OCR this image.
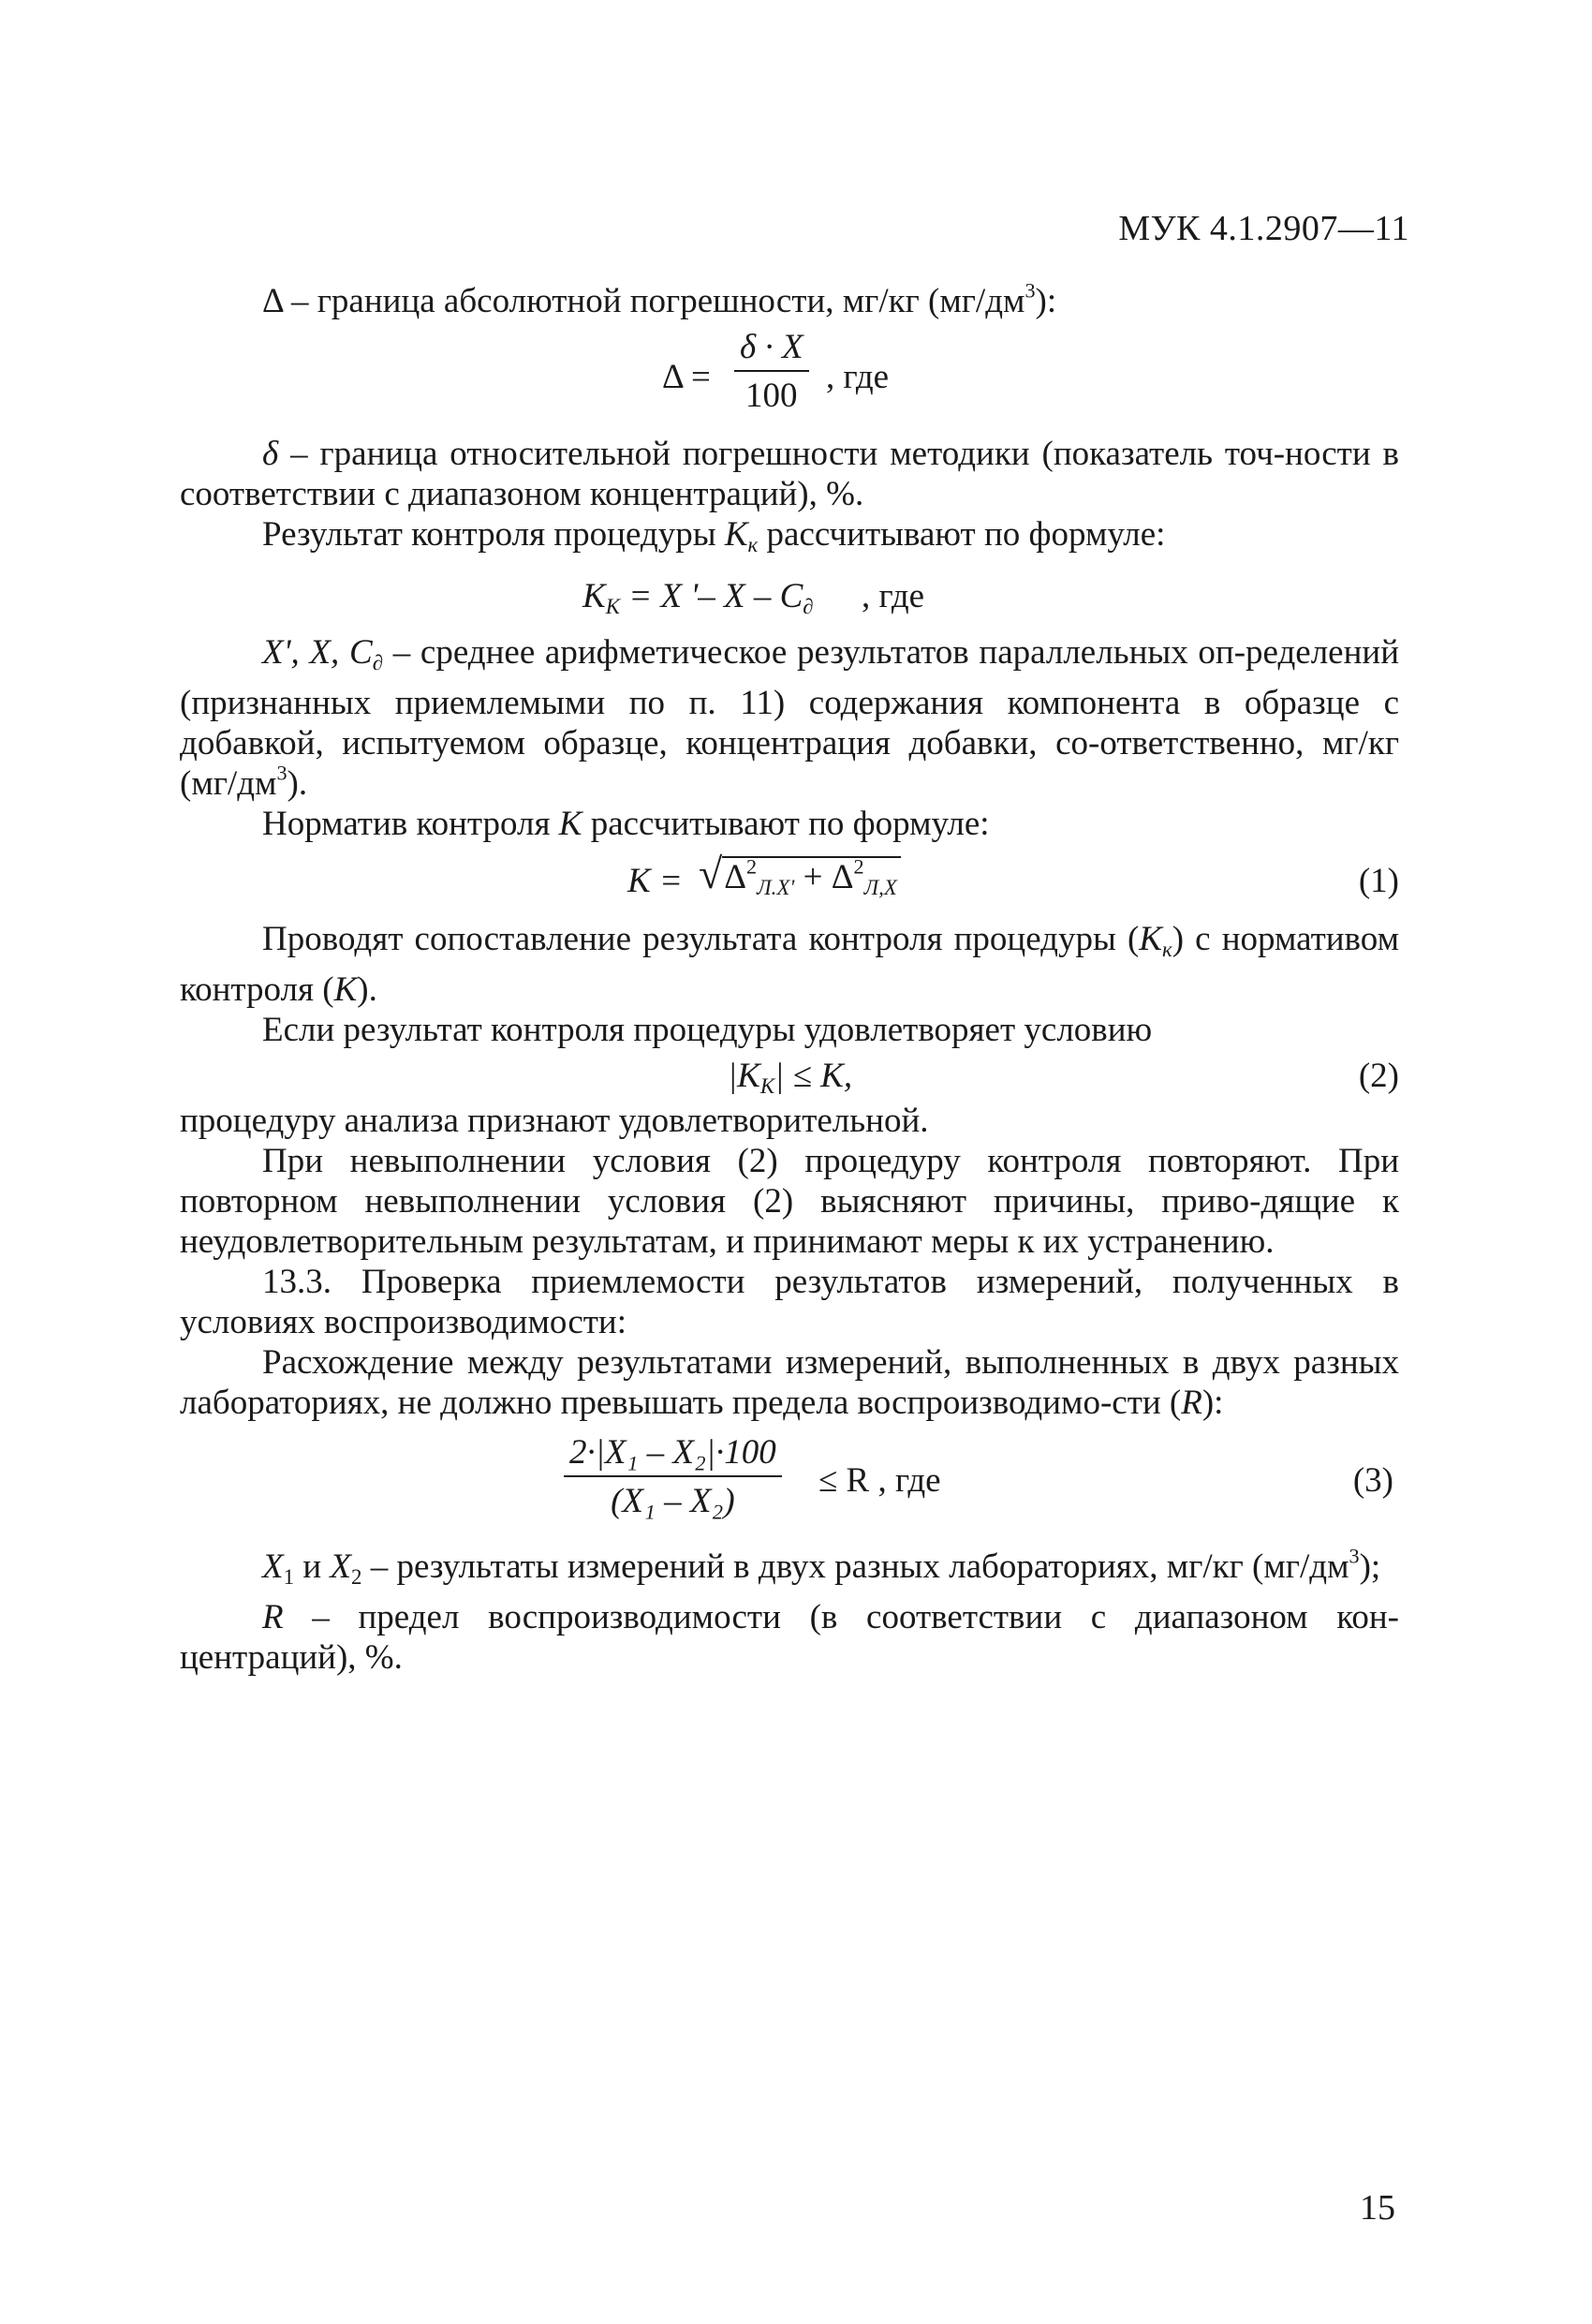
МУК 4.1.2907—11

Δ – граница абсолютной погрешности, мг/кг $(мг/дм^3)$:

$\Delta = \frac{\delta \cdot X}{100}$ , где

δ – граница относительной погрешности методики (показатель точ-ности в соответствии с диапазоном концентраций), %.

Результат контроля процедуры $K_к$ рассчитывают по формуле:

$K_K = X$ '– X – $C_\partial$ , где

X', X, $C_\partial$ – среднее арифметическое результатов параллельных оп-ределений (признанных приемлемыми по п. 11) содержания компонента в образце с добавкой, испытуемом образце, концентрация добавки, со-ответственно, мг/кг $(мг/дм^3)$.

Норматив контроля K рассчитывают по формуле:

$K = √\Delta^2_{Л.X'} + \Delta^2_{Л,X}$	(1)

Проводят сопоставление результата контроля процедуры $(K_к)$ с нормативом контроля (K).

Если результат контроля процедуры удовлетворяет условию

$|K_K| \le K$,	(2)

процедуру анализа признают удовлетворительной.

При невыполнении условия (2) процедуру контроля повторяют. При повторном невыполнении условия (2) выясняют причины, приво-дящие к неудовлетворительным результатам, и принимают меры к их устранению.

13.3. Проверка приемлемости результатов измерений, полученных в условиях воспроизводимости:

Расхождение между результатами измерений, выполненных в двух разных лабораториях, не должно превышать предела воспроизводимо-сти (R):

$\frac{\text{2·|X₁ – X₂|·100}}{\text{(X₁ – X₂)}} \le R$ , где	(3)

$X_1$ и $X_2$ – результаты измерений в двух разных лабораториях, мг/кг $(мг/дм^3)$;

R – предел воспроизводимости (в соответствии с диапазоном кон-центраций), %.

15
